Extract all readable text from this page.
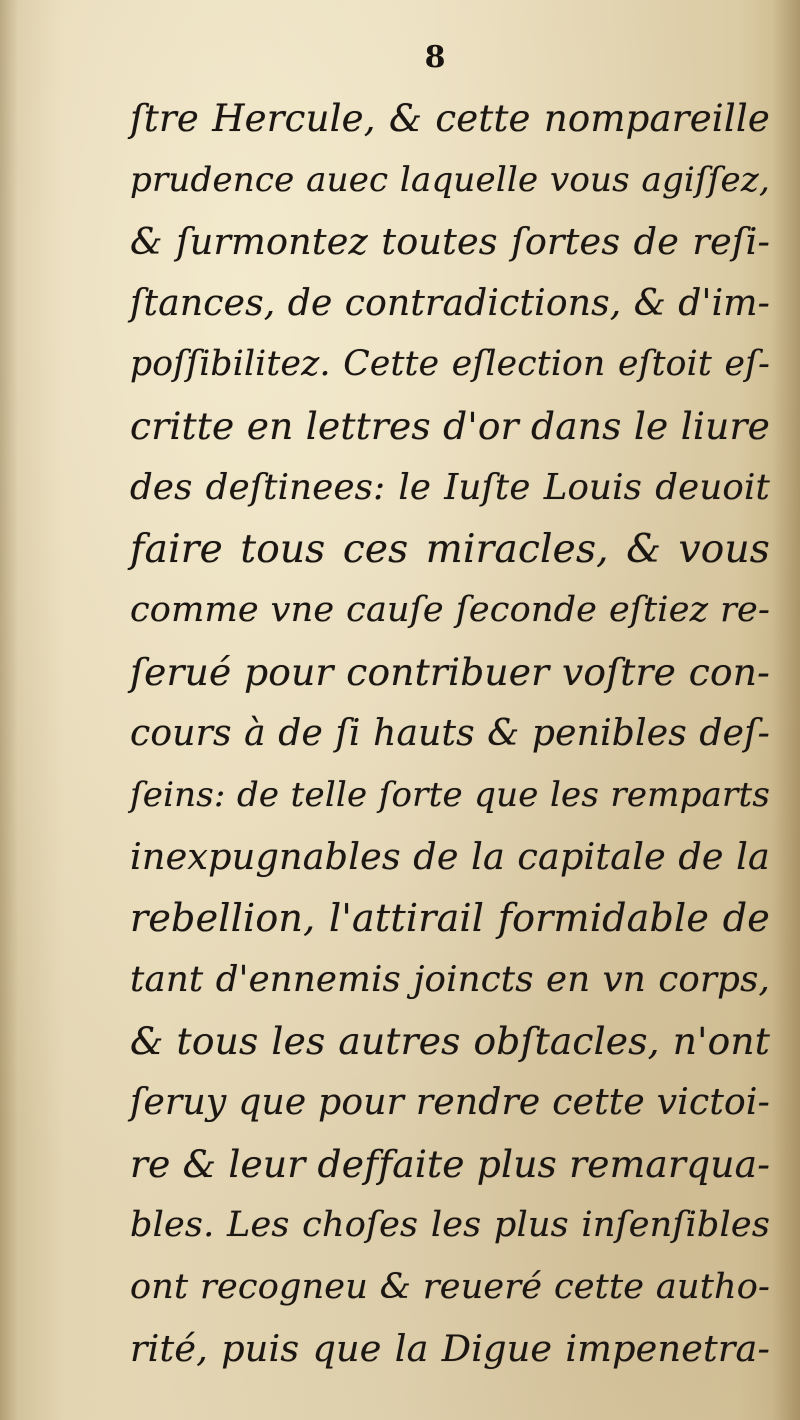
8
ſtre Hercule, & cette nompareille
prudence auec laquelle vous agiſſez,
& ſurmontez toutes ſortes de reſi-
ſtances, de contradictions, & d'im-
poſſibilitez. Cette eſlection eſtoit eſ-
critte en lettres d'or dans le liure
des deſtinees: le Iuſte Louis deuoit
faire tous ces miracles, & vous
comme vne cauſe ſeconde eſtiez re-
ſerué pour contribuer voſtre con-
cours à de ſi hauts & penibles deſ-
ſeins: de telle ſorte que les remparts
inexpugnables de la capitale de la
rebellion, l'attirail formidable de
tant d'ennemis joincts en vn corps,
& tous les autres obſtacles, n'ont
ſeruy que pour rendre cette victoi-
re & leur deffaite plus remarqua-
bles. Les choſes les plus inſenſibles
ont recogneu & reueré cette autho-
rité, puis que la Digue impenetra-
